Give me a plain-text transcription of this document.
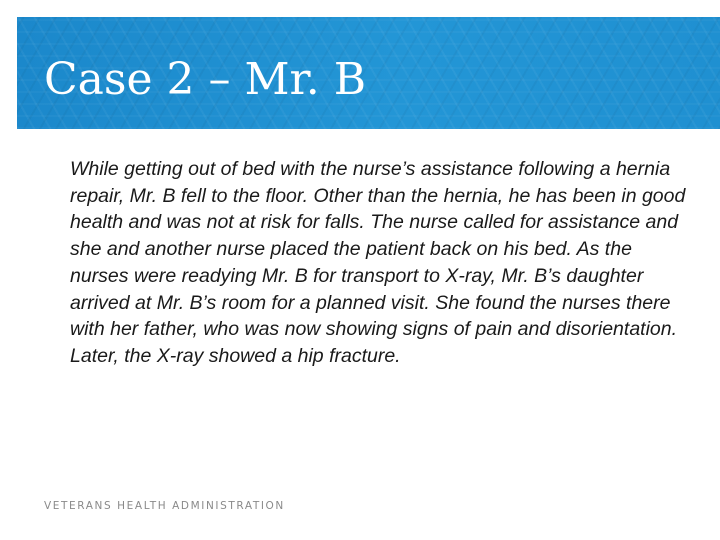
Case 2 – Mr. B

While getting out of bed with the nurse’s assistance following a hernia repair, Mr. B fell to the floor. Other than the hernia, he has been in good health and was not at risk for falls. The nurse called for assistance and she and another nurse placed the patient back on his bed. As the nurses were readying Mr. B for transport to X-ray, Mr. B’s daughter arrived at Mr. B’s room for a planned visit. She found the nurses there with her father, who was now showing signs of pain and disorientation. Later, the X-ray showed a hip fracture.

VETERANS HEALTH ADMINISTRATION
